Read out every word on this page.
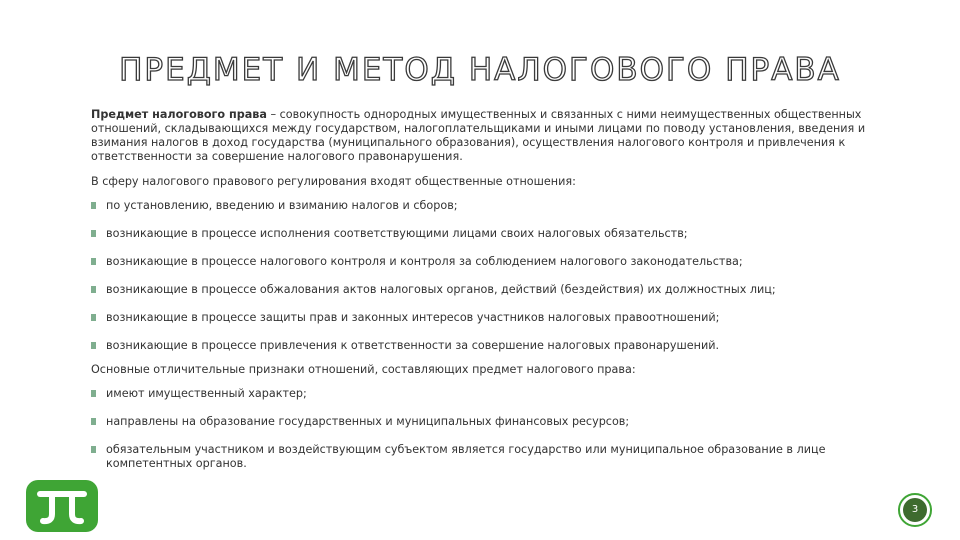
ПРЕДМЕТ И МЕТОД НАЛОГОВОГО ПРАВА

Предмет налогового права – совокупность однородных имущественных и связанных с ними неимущественных общественных отношений, складывающихся между государством, налогоплательщиками и иными лицами по поводу установления, введения и взимания налогов в доход государства (муниципального образования), осуществления налогового контроля и привлечения к ответственности за совершение налогового правонарушения.

В сферу налогового правового регулирования входят общественные отношения:

по установлению, введению и взиманию налогов и сборов;
возникающие в процессе исполнения соответствующими лицами своих налоговых обязательств;
возникающие в процессе налогового контроля и контроля за соблюдением налогового законодательства;
возникающие в процессе обжалования актов налоговых органов, действий (бездействия) их должностных лиц;
возникающие в процессе защиты прав и законных интересов участников налоговых правоотношений;
возникающие в процессе привлечения к ответственности за совершение налоговых правонарушений.

Основные отличительные признаки отношений, составляющих предмет налогового права:

имеют имущественный характер;
направлены на образование государственных и муниципальных финансовых ресурсов;
обязательным участником и воздействующим субъектом является государство или муниципальное образование в лице компетентных органов.
3
